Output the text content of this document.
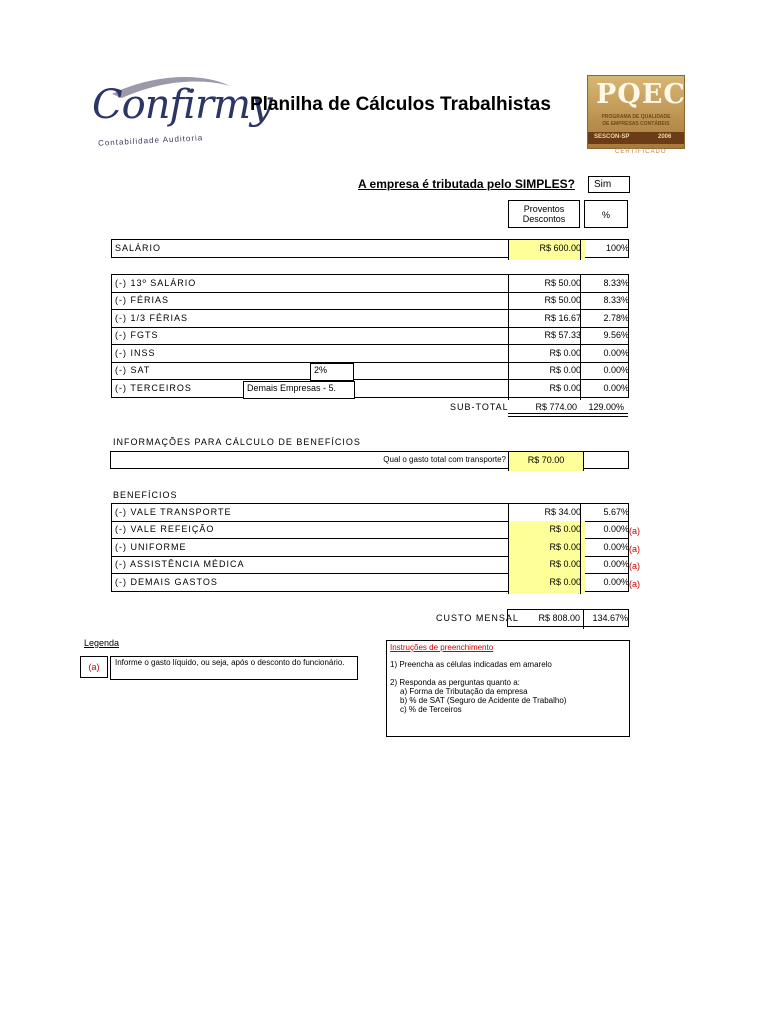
Confirmy
Contabilidade Auditoria
Planilha de Cálculos Trabalhistas PQEC
PROGRAMA DE QUALIDADE
DE EMPRESAS CONTÁBEIS
SESCON-SP	2006
CERTIFICADO
A empresa é tributada pelo SIMPLES?	Sim
Proventos
Descontos	%
SALÁRIO	R$ 600.00	100%
(-) 13º SALÁRIO	R$ 50.00	8.33%
(-) FÉRIAS	R$ 50.00	8.33%
(-) 1/3 FÉRIAS	R$ 16.67	2.78%
(-) FGTS	R$ 57.33	9.56%
(-) INSS	R$ 0.00	0.00%
(-) SAT	2%	R$ 0.00	0.00%
(-) TERCEIROS	Demais Empresas - 5.	R$ 0.00	0.00%
SUB-TOTAL	R$ 774.00	129.00%
INFORMAÇÕES PARA CÁLCULO DE BENEFÍCIOS
Qual o gasto total com transporte?	R$ 70.00
BENEFÍCIOS
(-) VALE TRANSPORTE	R$ 34.00	5.67%
(-) VALE REFEIÇÃO	R$ 0.00	0.00%
(-) UNIFORME	R$ 0.00	0.00%
(-) ASSISTÊNCIA MÉDICA	R$ 0.00	0.00%
(-) DEMAIS GASTOS	R$ 0.00	0.00%
(a)
(a)
(a)
(a)
CUSTO MENSAL	R$ 808.00	134.67%
Legenda
(a)	Informe o gasto líquido, ou seja, após o desconto do funcionário.

Instruções de preenchimento

1) Preencha as células indicadas em amarelo

2) Responda as perguntas quanto a:

a) Forma de Tributação da empresa

b) % de SAT (Seguro de Acidente de Trabalho)

c) % de Terceiros
